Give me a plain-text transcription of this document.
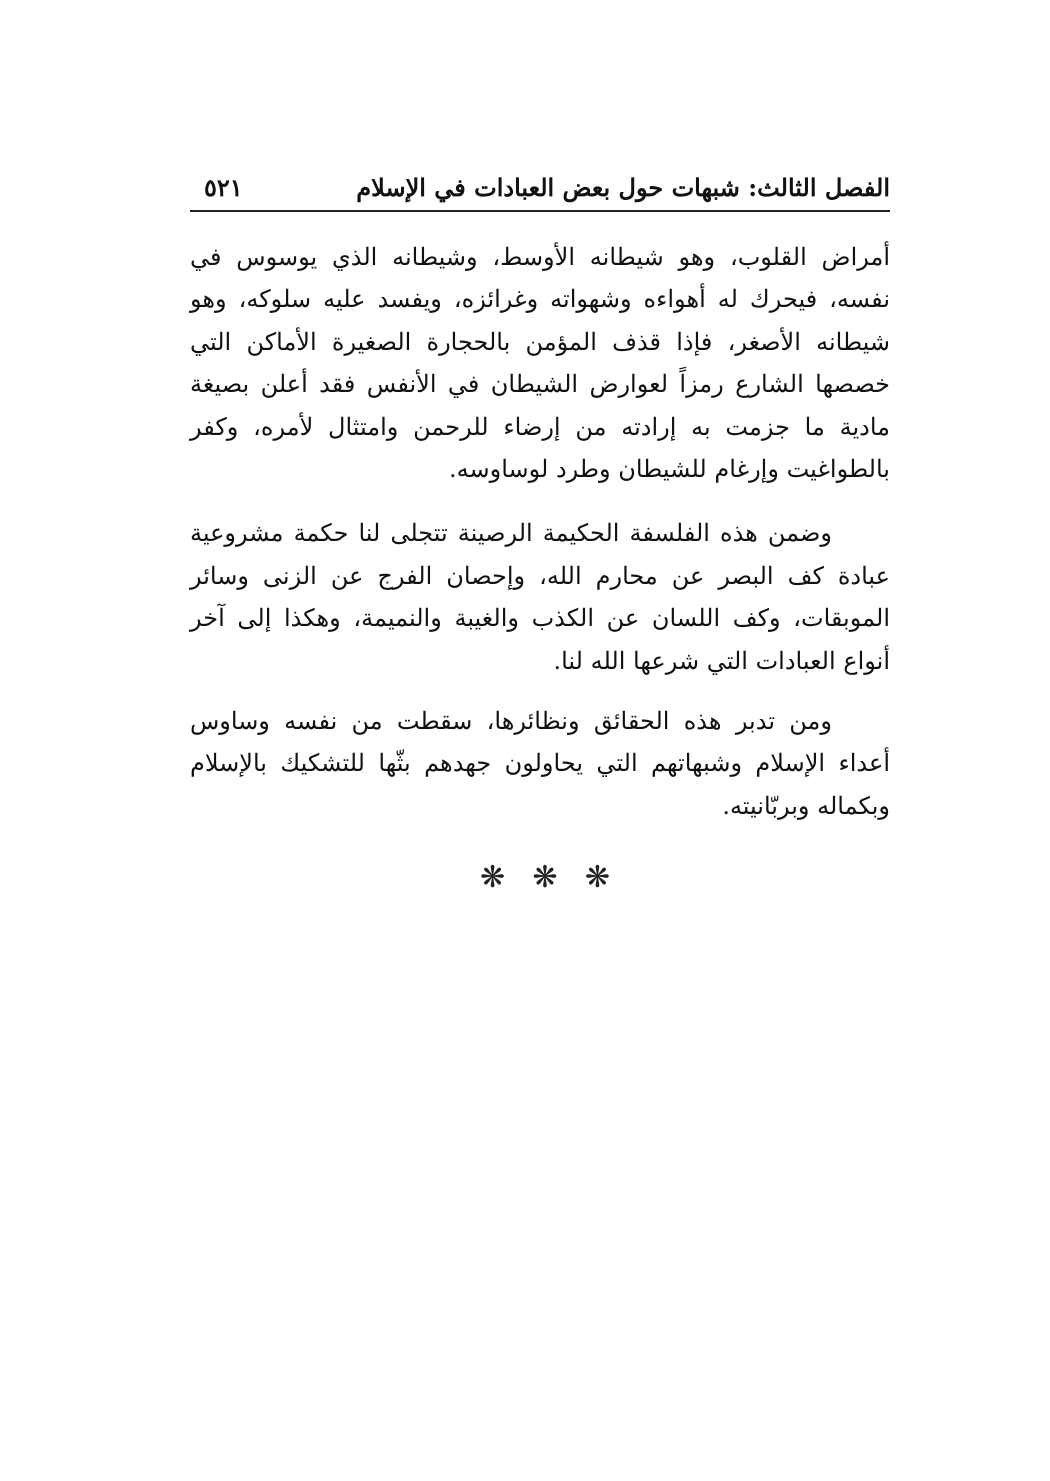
الفصل الثالث: شبهات حول بعض العبادات في الإسلام
٥٢١

أمراض القلوب، وهو شيطانه الأوسط، وشيطانه الذي يوسوس في نفسه، فيحرك له أهواءه وشهواته وغرائزه، ويفسد عليه سلوكه، وهو شيطانه الأصغر، فإذا قذف المؤمن بالحجارة الصغيرة الأماكن التي خصصها الشارع رمزاً لعوارض الشيطان في الأنفس فقد أعلن بصيغة مادية ما جزمت به إرادته من إرضاء للرحمن وامتثال لأمره، وكفر بالطواغيت وإرغام للشيطان وطرد لوساوسه.

وضمن هذه الفلسفة الحكيمة الرصينة تتجلى لنا حكمة مشروعية عبادة كف البصر عن محارم الله، وإحصان الفرج عن الزنى وسائر الموبقات، وكف اللسان عن الكذب والغيبة والنميمة، وهكذا إلى آخر أنواع العبادات التي شرعها الله لنا.

ومن تدبر هذه الحقائق ونظائرها، سقطت من نفسه وساوس أعداء الإسلام وشبهاتهم التي يحاولون جهدهم بثّها للتشكيك بالإسلام وبكماله وبربّانيته.

❋ ❋ ❋
